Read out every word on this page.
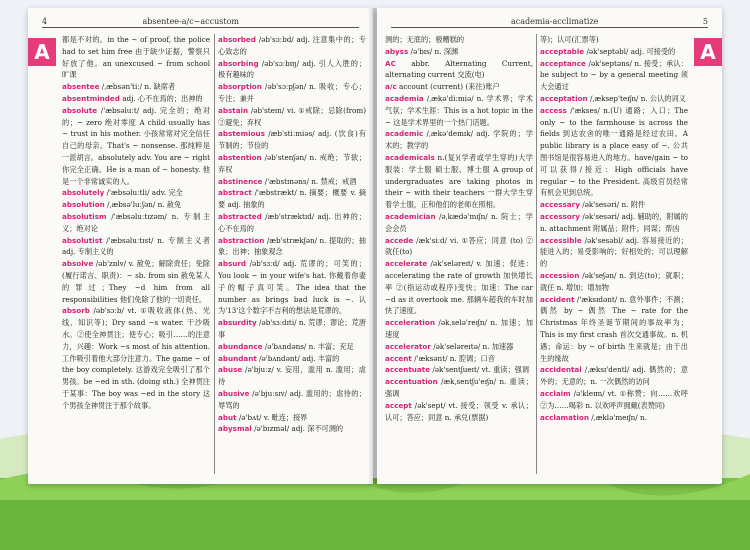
4	absentee-a/c~accustom
A
都是不对的。in the ~ of proof, the police had to set him free 由于缺少证据，警察只好放了他。an unexcused ~ from school 旷课
absentee /ˌæbsən'tiː/ n. 缺席者
absentminded adj. 心不在焉的；出神的
absolute /'æbsəluːt/ adj. 完全的；绝对的；~ zero 绝对零度 A child usually has ~ trust in his mother. 小孩常常对完全信任自己的母亲。That's ~ nonsense. 那纯粹是一派胡言。absolutely adv. You are ~ right 你完全正确。He is a man of ~ honesty. 他是一个非常诚实的人。
absolutely /'æbsəluːtli/ adv. 完全
absolution /ˌæbsə'luːʃən/ n. 赦免
absolutism /'æbsəluːtɪzəm/ n. 专制主义；绝对论
absolutist /'æbsəluːtɪst/ n. 专制主义者 adj. 专制主义的
absolve /əb'zɒlv/ v. 赦免；解除责任；免除(履行诺言、职责)：~ sb. from sin 赦免某人的罪过；They ~d him from all responsibilities 他们免除了他的一切责任。
absorb /əb'sɔːb/ vt. ①吸收液体(热、光线、知识等)；Dry sand ~s water. 干沙吸水。②使全神贯注；使专心；吸引……的注意力，兴趣：Work ~s most of his attention. 工作吸引着他大部分注意力。The game ~ of the boy completely. 这游戏完全吸引了那个男孩。be ~ed in sth. (doing sth.) 全神贯注于某事：The boy was ~ed in the story 这个男孩全神贯注于那个故事。
absorbed /əb'sɔːbd/ adj. 注意集中的；专心致志的
absorbing /əb'sɔːbɪŋ/ adj. 引人入胜的；极有趣味的
absorption /əb'sɔːpʃən/ n. 吸收；专心；专注；兼并
abstain /əb'steɪn/ vi. ①戒除；忌除(from) ②避免；弃权
abstemious /æb'stiːmiəs/ adj. (饮食)有节制的；节俭的
abstention /əb'stenʃən/ n. 戒绝；节欲；弃权
abstinence /'æbstɪnəns/ n. 禁戒；戒酒
abstract /'æbstrækt/ n. 摘要；概要 v. 摘要 adj. 抽象的
abstracted /æb'stræktɪd/ adj. 出神的；心不在焉的
abstraction /æb'strækʃən/ n. 提取的；抽象；出神；抽象观念
absurd /əb'sɜːd/ adj. 荒谬的；可笑的；You look ~ in your wife's hat. 你戴着你妻子的帽子真可笑。The idea that the number as brings bad luck is ~. 认为'13'这个数字不吉利的想法是荒谬的。
absurdity /əb'sɜːdɪti/ n. 荒谬；谬论；荒唐事
abundance /ə'bʌndəns/ n. 丰富；充足
abundant /ə'bʌndənt/ adj. 丰富的
abuse /ə'bjuːz/ v. 妄用，滥用 n. 滥用；虐待
abusive /ə'bjuːsɪv/ adj. 滥用的；虐待的；辱骂的
abut /ə'bʌt/ v. 毗连；接界
abysmal /ə'bɪzməl/ adj. 深不可测的
academia-acclimatize	5
A
测的；无底的；极糟糕的
abyss /ə'bɪs/ n. 深渊
AC abbr. Alternating Current, alternating current 交流(电)
a/c account (current) (来往)账户
academia /ˌækə'diːmiə/ n. 学术界；学术气氛；学术生涯：This is a hot topic in the ~ 这是学术界里的一个热门话题。
academic /ˌækə'demɪk/ adj. 学院的；学术的；教学的
academicals n.(复)(学者或学生穿的)大学服装：学士服 硕士服、博士服 A group of undergraduates are taking photos in their ~ with their teachers 一群大学生穿着学士服，正和他们的老师在照相。
academician /əˌkædə'mɪʃn/ n. 院士；学会会员
accede /æk'siːd/ vi. ①答应；同意 (to) ②就任(to)
accelerate /ək'seləreɪt/ v. 加速；促进：accelerating the rate of growth 加快增长率 ②(指运动或程序)变快；加速：The car ~d as it overtook me. 那辆车超我的车时加快了速度。
acceleration /əkˌselə'reɪʃn/ n. 加速；加速度
accelerator /ək'seləreɪtə/ n. 加速器
accent /'æksənt/ n. 腔调；口音
accentuate /ək'sentʃueɪt/ vt. 重读；强调
accentuation /ækˌsentʃu'eɪʃn/ n. 重读；强调
accept /ək'sept/ vt. 接受；领受 v. 承认；认可；答应；同意 n. 承兑(票据)
等)；认可(汇票等)
acceptable /ək'septəbl/ adj. 可接受的
acceptance /ək'septəns/ n. 接受；承认：be subject to ~ by a general meeting 须大会通过
acceptation /ˌæksep'teɪʃn/ n. 公认的词义
access /'ækses/ n.(U) 通路；入口；The only ~ to the farmhouse is across the fields 到达农舍的唯一通路是经过农田。A public library is a place easy of ~. 公共图书馆是很容易进入的地方。have/gain ~ to 可以获得/接近：High officials have regular ~ to the President. 高级官员经常有机会见到总统。
accessary /ək'sesəri/ n. 附件
accessory /ək'sesəri/ adj. 辅助的，附属的 n. attachment 附属品；附件；同谋；帮凶
accessible /ək'sesəbl/ adj. 容易接近的；能进入的；易受影响的；好相处的；可以理解的
accession /ək'seʃən/ n. 到达(to)；就职；就任 n. 增加；增加物
accident /'æksɪdənt/ n. 意外事件；不测；偶然 by ~ 偶然 The ~ rate for the Christmas 年终圣诞节期间的事故率为；This is my first crash 首次交通事故。n. 机遇；命运：by ~ of birth 生来就是；由于出生的缘故
accidental /ˌæksɪ'dentl/ adj. 偶然的；意外的；无意的；n. 一次偶然的访问
acclaim /ə'kleɪm/ vt. ①称赞；向……欢呼 ②为……喝彩 n. 以欢呼声拥戴(表赞同)
acclamation /ˌæklə'meɪʃn/ n.
